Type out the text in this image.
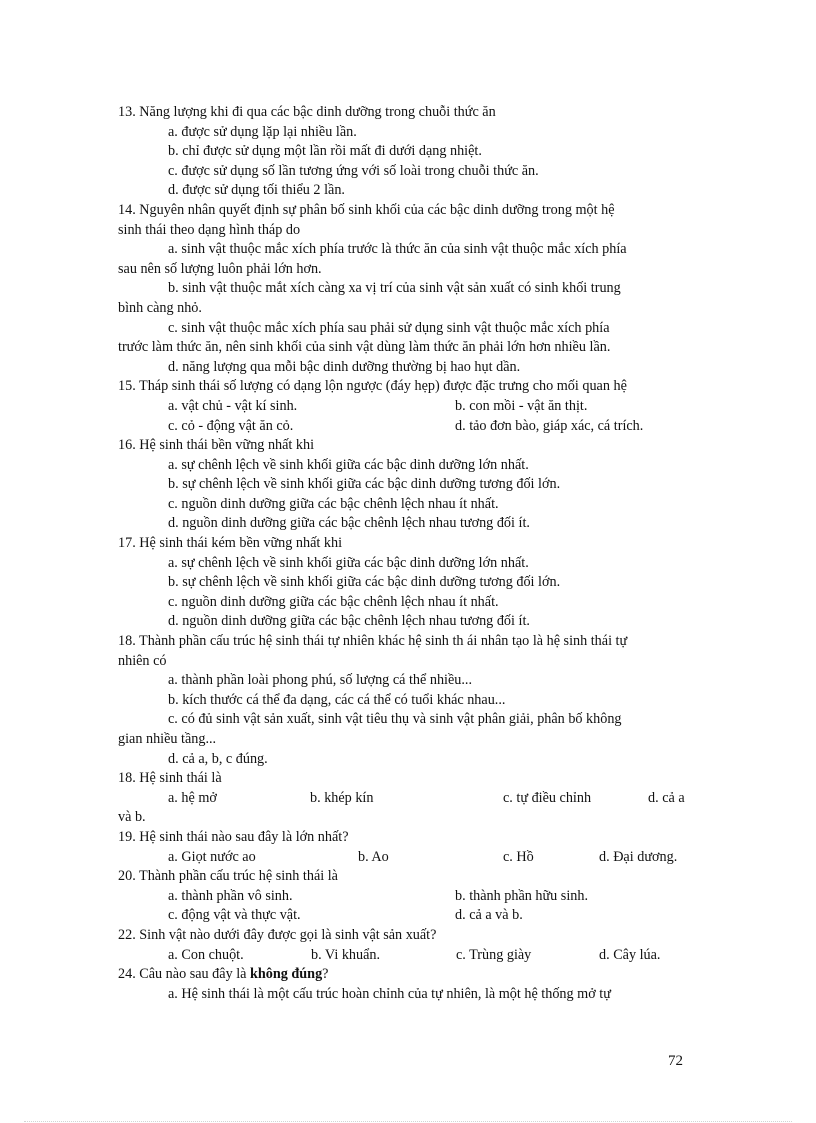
13. Năng lượng khi đi qua các bậc dinh dưỡng trong chuỗi thức ăn
a. được sử dụng lặp lại nhiều lần.
b. chỉ được sử dụng một lần rồi mất đi dưới dạng nhiệt.
c. được sử dụng số lần tương ứng với số loài trong chuỗi thức ăn.
d. được sử dụng tối thiểu 2 lần.
14. Nguyên nhân quyết định sự phân bố sinh khối của các bậc dinh dưỡng trong một hệ
sinh thái theo dạng hình tháp do
a. sinh vật thuộc mắc xích phía trước là thức ăn của sinh vật thuộc mắc xích phía
sau nên số lượng luôn phải lớn hơn.
b. sinh vật thuộc mắt xích càng xa vị trí của sinh vật sản xuất có sinh khối trung
bình càng nhỏ.
c. sinh vật thuộc mắc xích phía sau phải sử dụng sinh vật thuộc mắc xích phía
trước làm thức ăn, nên sinh khối của sinh vật dùng làm thức ăn phải lớn hơn nhiều lần.
d. năng lượng qua mỗi bậc dinh dưỡng thường bị hao hụt dần.
15. Tháp sinh thái số lượng có dạng lộn ngược (đáy hẹp) được đặc trưng cho mối quan hệ
a. vật chủ - vật kí sinh.	b. con mồi - vật ăn thịt.
c. cỏ - động vật ăn cỏ.	d. tảo đơn bào, giáp xác, cá trích.
16. Hệ sinh thái bền vững nhất khi
a. sự chênh lệch về sinh khối giữa các bậc dinh dưỡng lớn nhất.
b. sự chênh lệch về sinh khối giữa các bậc dinh dưỡng tương đối lớn.
c. nguồn dinh dưỡng giữa các bậc chênh lệch nhau ít nhất.
d. nguồn dinh dưỡng giữa các bậc chênh lệch nhau tương đối ít.
17. Hệ sinh thái kém bền vững nhất khi
a. sự chênh lệch về sinh khối giữa các bậc dinh dưỡng lớn nhất.
b. sự chênh lệch về sinh khối giữa các bậc dinh dưỡng tương đối lớn.
c. nguồn dinh dưỡng giữa các bậc chênh lệch nhau ít nhất.
d. nguồn dinh dưỡng giữa các bậc chênh lệch nhau tương đối ít.
18. Thành phần cấu trúc hệ sinh thái tự nhiên khác hệ sinh th ái nhân tạo là hệ sinh thái tự
nhiên có
a. thành phần loài phong phú, số lượng cá thể nhiều...
b. kích thước cá thể đa dạng, các cá thể có tuổi khác nhau...
c. có đủ sinh vật sản xuất, sinh vật tiêu thụ và sinh vật phân giải, phân bố không
gian nhiều tầng...
d. cả a, b, c đúng.
18. Hệ sinh thái là
a. hệ mở	b. khép kín	c. tự điều chỉnh	d. cả a
và b.
19. Hệ sinh thái nào sau đây là lớn nhất?
a. Giọt nước ao	b. Ao	c. Hồ	d. Đại dương.
20. Thành phần cấu trúc hệ sinh thái là
a. thành phần vô sinh.	b. thành phần hữu sinh.
c. động vật và thực vật.	d. cả a và b.
22. Sinh vật nào dưới đây được gọi là sinh vật sản xuất?
a. Con chuột.	b. Vi khuẩn.	c. Trùng giày	d. Cây lúa.
24. Câu nào sau đây là không đúng?
a. Hệ sinh thái là một cấu trúc hoàn chỉnh của tự nhiên, là một hệ thống mở tự
72
